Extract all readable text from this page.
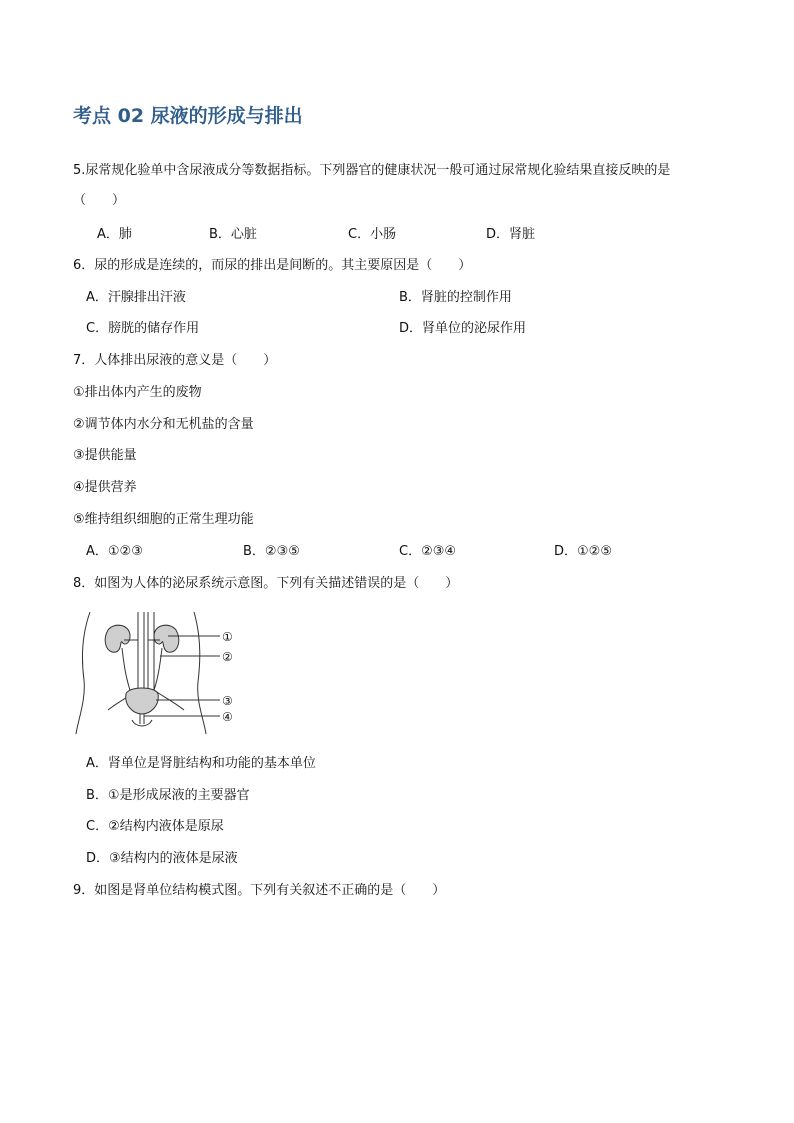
考点 02 尿液的形成与排出
5.尿常规化验单中含尿液成分等数据指标。下列器官的健康状况一般可通过尿常规化验结果直接反映的是
（　　）
A．肺	B．心脏	C．小肠	D．肾脏
6．尿的形成是连续的，而尿的排出是间断的。其主要原因是（　　）
A．汗腺排出汗液	B．肾脏的控制作用
C．膀胱的储存作用	D．肾单位的泌尿作用
7．人体排出尿液的意义是（　　）
①排出体内产生的废物
②调节体内水分和无机盐的含量
③提供能量
④提供营养
⑤维持组织细胞的正常生理功能
A．①②③	B．②③⑤	C．②③④	D．①②⑤
8．如图为人体的泌尿系统示意图。下列有关描述错误的是（　　）
①
②
③
④
A．肾单位是肾脏结构和功能的基本单位
B．①是形成尿液的主要器官
C．②结构内液体是原尿
D．③结构内的液体是尿液
9．如图是肾单位结构模式图。下列有关叙述不正确的是（　　）
